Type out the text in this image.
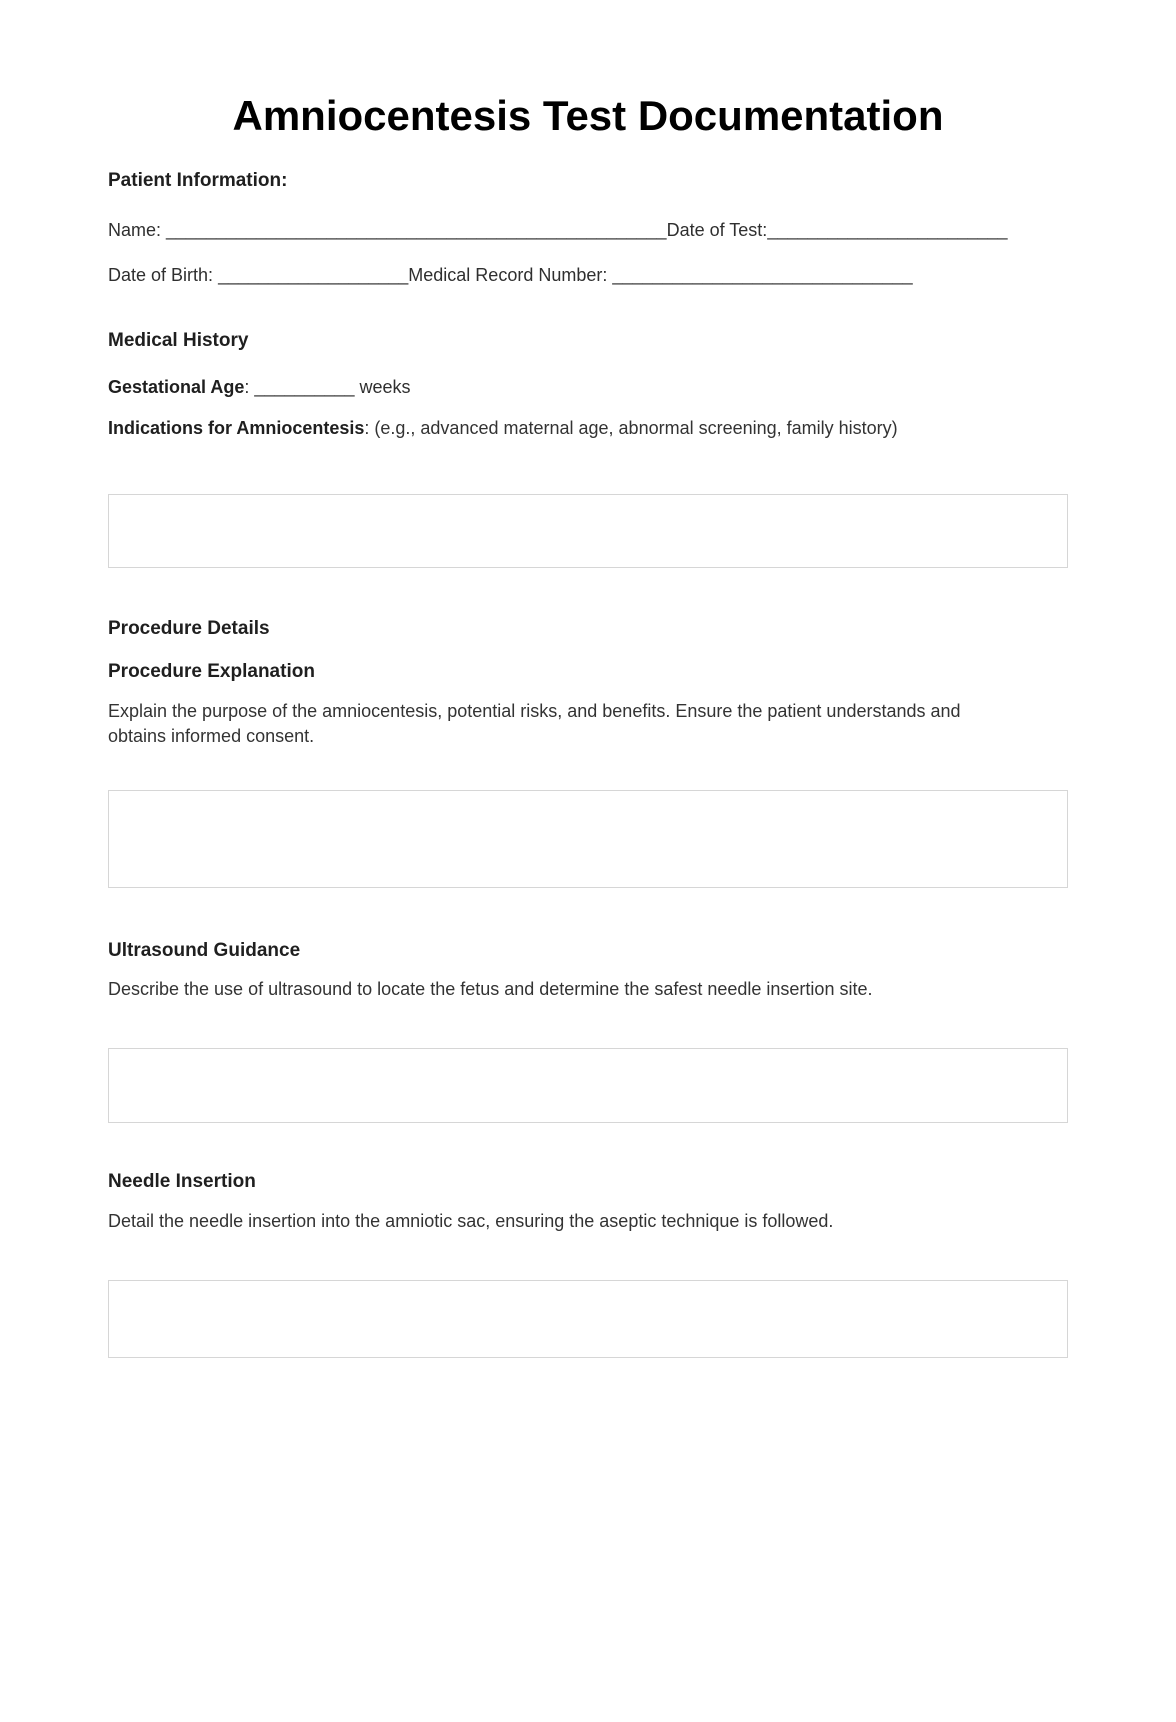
Amniocentesis Test Documentation
Patient Information:
Name: __________________________________________________Date of Test:________________________
Date of Birth: ___________________Medical Record Number: ______________________________
Medical History
Gestational Age: __________ weeks
Indications for Amniocentesis: (e.g., advanced maternal age, abnormal screening, family history)
Procedure Details
Procedure Explanation
Explain the purpose of the amniocentesis, potential risks, and benefits. Ensure the patient understands and obtains informed consent.
Ultrasound Guidance
Describe the use of ultrasound to locate the fetus and determine the safest needle insertion site.
Needle Insertion
Detail the needle insertion into the amniotic sac, ensuring the aseptic technique is followed.
